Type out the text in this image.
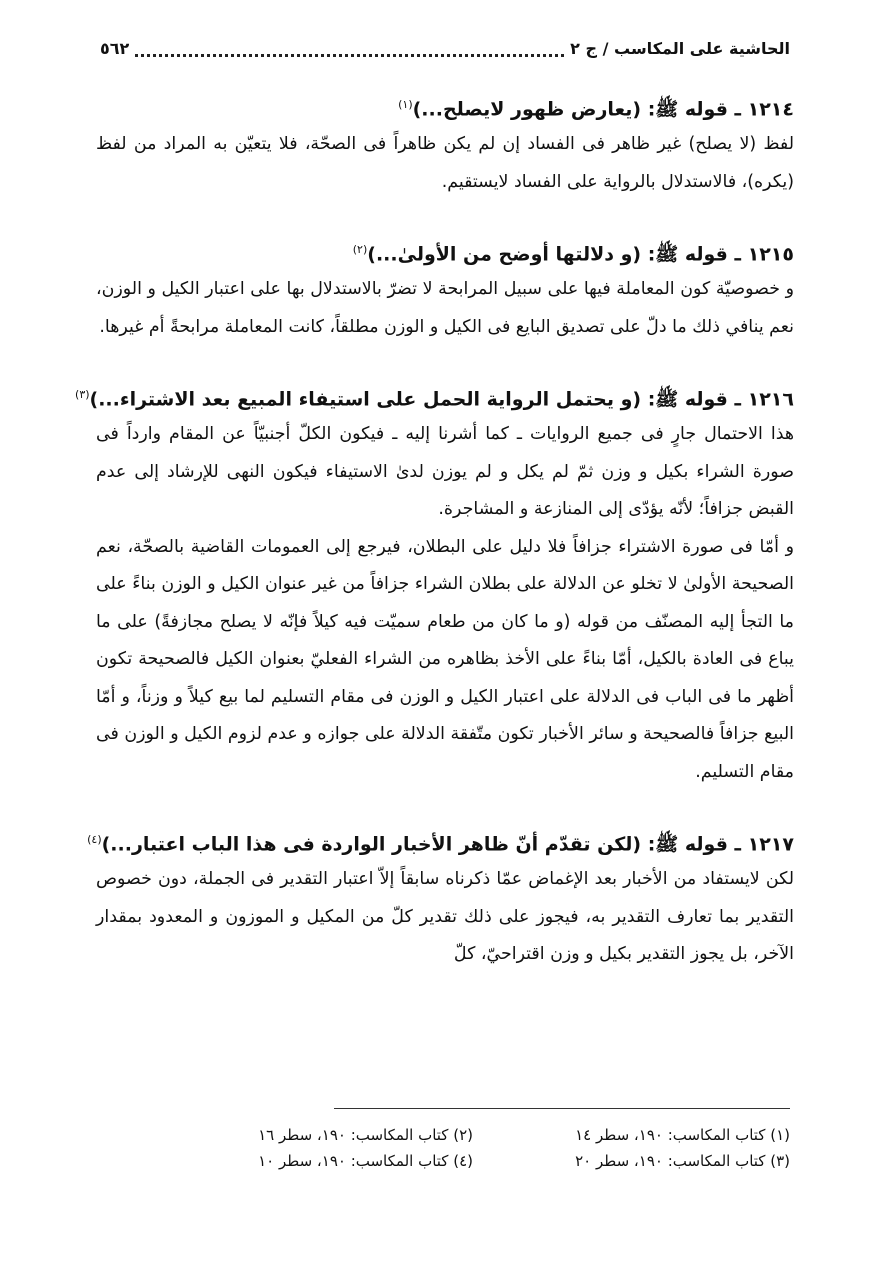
الحاشية على المكاسب / ج ٢
٥٦٢
١٢١٤ ـ قوله ﷺ: (يعارض ظهور لايصلح...)$^{(١)}$

لفظ (لا يصلح) غير ظاهر فى الفساد إن لم يكن ظاهراً فى الصحّة، فلا يتعيّن به المراد من لفظ (يكره)، فالاستدلال بالرواية على الفساد لايستقيم.

١٢١٥ ـ قوله ﷺ: (و دلالتها أوضح من الأولىٰ...)$^{(٢)}$

و خصوصيّة كون المعاملة فيها على سبيل المرابحة لا تضرّ بالاستدلال بها على اعتبار الكيل و الوزن، نعم ينافي ذلك ما دلّ على تصديق البايع فى الكيل و الوزن مطلقاً، كانت المعاملة مرابحةً أم غيرها.

١٢١٦ ـ قوله ﷺ: (و يحتمل الرواية الحمل على استيفاء المبيع بعد الاشتراء...)$^{(٣)}$

هذا الاحتمال جارٍ فى جميع الروايات ـ كما أشرنا إليه ـ فيكون الكلّ أجنبيّاً عن المقام وارداً فى صورة الشراء بكيل و وزن ثمّ لم يكل و لم يوزن لدىٰ الاستيفاء فيكون النهى للإرشاد إلى عدم القبض جزافاً؛ لأنّه يؤدّى إلى المنازعة و المشاجرة.

و أمّا فى صورة الاشتراء جزافاً فلا دليل على البطلان، فيرجع إلى العمومات القاضية بالصحّة، نعم الصحيحة الأولىٰ لا تخلو عن الدلالة على بطلان الشراء جزافاً من غير عنوان الكيل و الوزن بناءً على ما التجأ إليه المصنّف من قوله (و ما كان من طعام سميّت فيه كيلاً فإنّه لا يصلح مجازفةً) على ما يباع فى العادة بالكيل، أمّا بناءً على الأخذ بظاهره من الشراء الفعليّ بعنوان الكيل فالصحيحة تكون أظهر ما فى الباب فى الدلالة على اعتبار الكيل و الوزن فى مقام التسليم لما بيع كيلاً و وزناً، و أمّا البيع جزافاً فالصحيحة و سائر الأخبار تكون متّفقة الدلالة على جوازه و عدم لزوم الكيل و الوزن فى مقام التسليم.

١٢١٧ ـ قوله ﷺ: (لكن تقدّم أنّ ظاهر الأخبار الواردة فى هذا الباب اعتبار...)$^{(٤)}$

لكن لايستفاد من الأخبار بعد الإغماض عمّا ذكرناه سابقاً إلاّ اعتبار التقدير فى الجملة، دون خصوص التقدير بما تعارف التقدير به، فيجوز على ذلك تقدير كلّ من المكيل و الموزون و المعدود بمقدار الآخر، بل يجوز التقدير بكيل و وزن اقتراحيّ، كلّ

(١) كتاب المكاسب: ١٩٠، سطر ١٤
(٢) كتاب المكاسب: ١٩٠، سطر ١٦
(٣) كتاب المكاسب: ١٩٠، سطر ٢٠
(٤) كتاب المكاسب: ١٩٠، سطر ١٠
